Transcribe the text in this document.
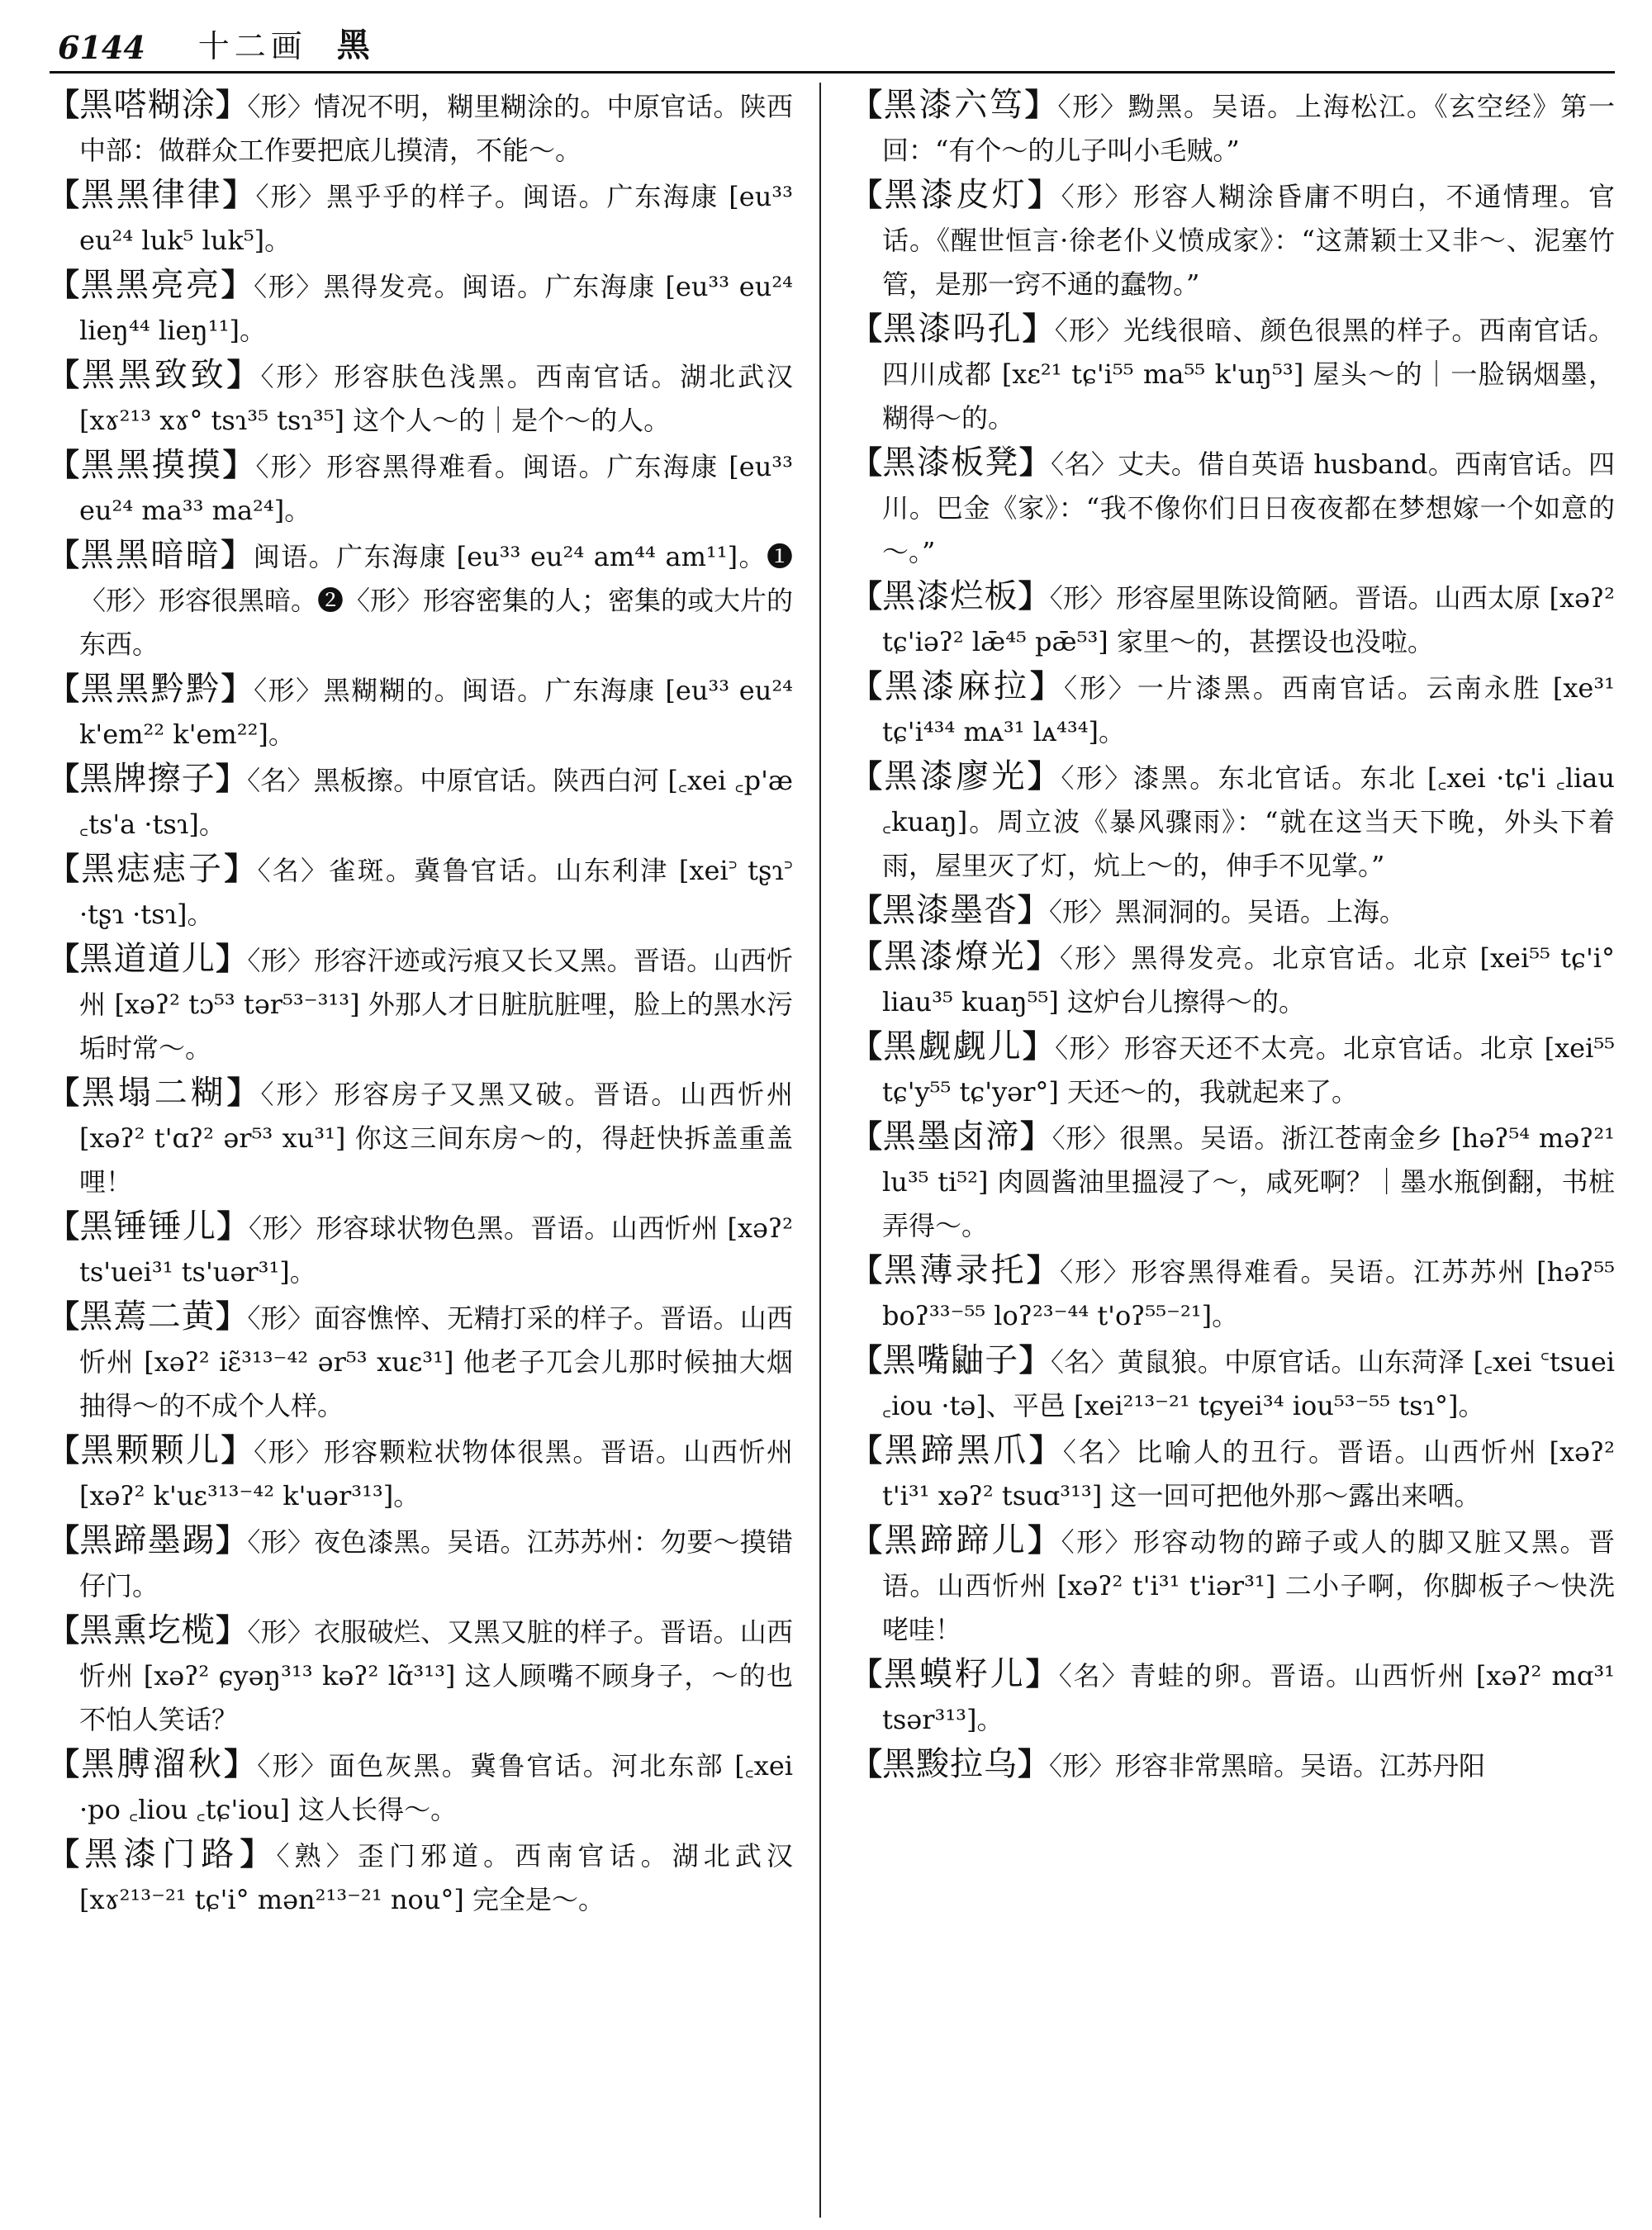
6144 十二画 黑
【黑嗒糊涂】〈形〉情况不明，糊里糊涂的。中原官话。陕西中部：做群众工作要把底儿摸清，不能～。
【黑黑律律】〈形〉黑乎乎的样子。闽语。广东海康 [eu³³ eu²⁴ luk⁵ luk⁵]。
【黑黑亮亮】〈形〉黑得发亮。闽语。广东海康 [eu³³ eu²⁴ lieŋ⁴⁴ lieŋ¹¹]。
【黑黑致致】〈形〉形容肤色浅黑。西南官话。湖北武汉 [xɤ²¹³ xɤ° tsɿ³⁵ tsɿ³⁵] 这个人～的｜是个～的人。
【黑黑摸摸】〈形〉形容黑得难看。闽语。广东海康 [eu³³ eu²⁴ ma³³ ma²⁴]。
【黑黑暗暗】闽语。广东海康 [eu³³ eu²⁴ am⁴⁴ am¹¹]。❶〈形〉形容很黑暗。❷〈形〉形容密集的人；密集的或大片的东西。
【黑黑黔黔】〈形〉黑糊糊的。闽语。广东海康 [eu³³ eu²⁴ k'em²² k'em²²]。
【黑牌擦子】〈名〉黑板擦。中原官话。陕西白河 [꜀xei ꜀p'æ ꜀ts'a ·tsɿ]。
【黑痣痣子】〈名〉雀斑。冀鲁官话。山东利津 [xei꜄ tʂɿ꜄ ·tʂɿ ·tsɿ]。
【黑道道儿】〈形〉形容汗迹或污痕又长又黑。晋语。山西忻州 [xəʔ² tɔ⁵³ tər⁵³⁻³¹³] 外那人才日脏肮脏哩，脸上的黑水污垢时常～。
【黑塌二糊】〈形〉形容房子又黑又破。晋语。山西忻州 [xəʔ² t'ɑʔ² ər⁵³ xu³¹] 你这三间东房～的，得赶快拆盖重盖哩！
【黑锤锤儿】〈形〉形容球状物色黑。晋语。山西忻州 [xəʔ² ts'uei³¹ ts'uər³¹]。
【黑蔫二黄】〈形〉面容憔悴、无精打采的样子。晋语。山西忻州 [xəʔ² iɛ̃³¹³⁻⁴² ər⁵³ xuɛ³¹] 他老子兀会儿那时候抽大烟抽得～的不成个人样。
【黑颗颗儿】〈形〉形容颗粒状物体很黑。晋语。山西忻州 [xəʔ² k'uɛ³¹³⁻⁴² k'uər³¹³]。
【黑蹄墨踢】〈形〉夜色漆黑。吴语。江苏苏州：勿要～摸错仔门。
【黑熏圪榄】〈形〉衣服破烂、又黑又脏的样子。晋语。山西忻州 [xəʔ² ɕyəŋ³¹³ kəʔ² lɑ̃³¹³] 这人顾嘴不顾身子，～的也不怕人笑话？
【黑膊溜秋】〈形〉面色灰黑。冀鲁官话。河北东部 [꜀xei ·po ꜀liou ꜀tɕ'iou] 这人长得～。
【黑漆门路】〈熟〉歪门邪道。西南官话。湖北武汉 [xɤ²¹³⁻²¹ tɕ'i° mən²¹³⁻²¹ nou°] 完全是～。
【黑漆六笃】〈形〉黝黑。吴语。上海松江。《玄空经》第一回：“有个～的儿子叫小毛贼。”
【黑漆皮灯】〈形〉形容人糊涂昏庸不明白，不通情理。官话。《醒世恒言·徐老仆义愤成家》：“这萧颖士又非～、泥塞竹管，是那一窍不通的蠢物。”
【黑漆吗孔】〈形〉光线很暗、颜色很黑的样子。西南官话。四川成都 [xɛ²¹ tɕ'i⁵⁵ ma⁵⁵ k'uŋ⁵³] 屋头～的｜一脸锅烟墨，糊得～的。
【黑漆板凳】〈名〉丈夫。借自英语 husband。西南官话。四川。巴金《家》：“我不像你们日日夜夜都在梦想嫁一个如意的～。”
【黑漆烂板】〈形〉形容屋里陈设简陋。晋语。山西太原 [xəʔ² tɕ'iəʔ² lǣ⁴⁵ pǣ⁵³] 家里～的，甚摆设也没啦。
【黑漆麻拉】〈形〉一片漆黑。西南官话。云南永胜 [xe³¹ tɕ'i⁴³⁴ mᴀ³¹ lᴀ⁴³⁴]。
【黑漆廖光】〈形〉漆黑。东北官话。东北 [꜀xei ·tɕ'i ꜀liau ꜀kuaŋ]。周立波《暴风骤雨》：“就在这当天下晚，外头下着雨，屋里灭了灯，炕上～的，伸手不见掌。”
【黑漆墨沓】〈形〉黑洞洞的。吴语。上海。
【黑漆燎光】〈形〉黑得发亮。北京官话。北京 [xei⁵⁵ tɕ'i° liau³⁵ kuaŋ⁵⁵] 这炉台儿擦得～的。
【黑觑觑儿】〈形〉形容天还不太亮。北京官话。北京 [xei⁵⁵ tɕ'y⁵⁵ tɕ'yər°] 天还～的，我就起来了。
【黑墨卤渧】〈形〉很黑。吴语。浙江苍南金乡 [həʔ⁵⁴ məʔ²¹ lu³⁵ ti⁵²] 肉圆酱油里搵浸了～，咸死啊？｜墨水瓶倒翻，书桩弄得～。
【黑薄录托】〈形〉形容黑得难看。吴语。江苏苏州 [həʔ⁵⁵ boʔ³³⁻⁵⁵ loʔ²³⁻⁴⁴ t'oʔ⁵⁵⁻²¹]。
【黑嘴鼬子】〈名〉黄鼠狼。中原官话。山东菏泽 [꜀xei ꜂tsuei ꜀iou ·tə]、平邑 [xei²¹³⁻²¹ tɕyei³⁴ iou⁵³⁻⁵⁵ tsɿ°]。
【黑蹄黑爪】〈名〉比喻人的丑行。晋语。山西忻州 [xəʔ² t'i³¹ xəʔ² tsuɑ³¹³] 这一回可把他外那～露出来哂。
【黑蹄蹄儿】〈形〉形容动物的蹄子或人的脚又脏又黑。晋语。山西忻州 [xəʔ² t'i³¹ t'iər³¹] 二小子啊，你脚板子～快洗咾哇！
【黑蟆籽儿】〈名〉青蛙的卵。晋语。山西忻州 [xəʔ² mɑ³¹ tsər³¹³]。
【黑黢拉乌】〈形〉形容非常黑暗。吴语。江苏丹阳
